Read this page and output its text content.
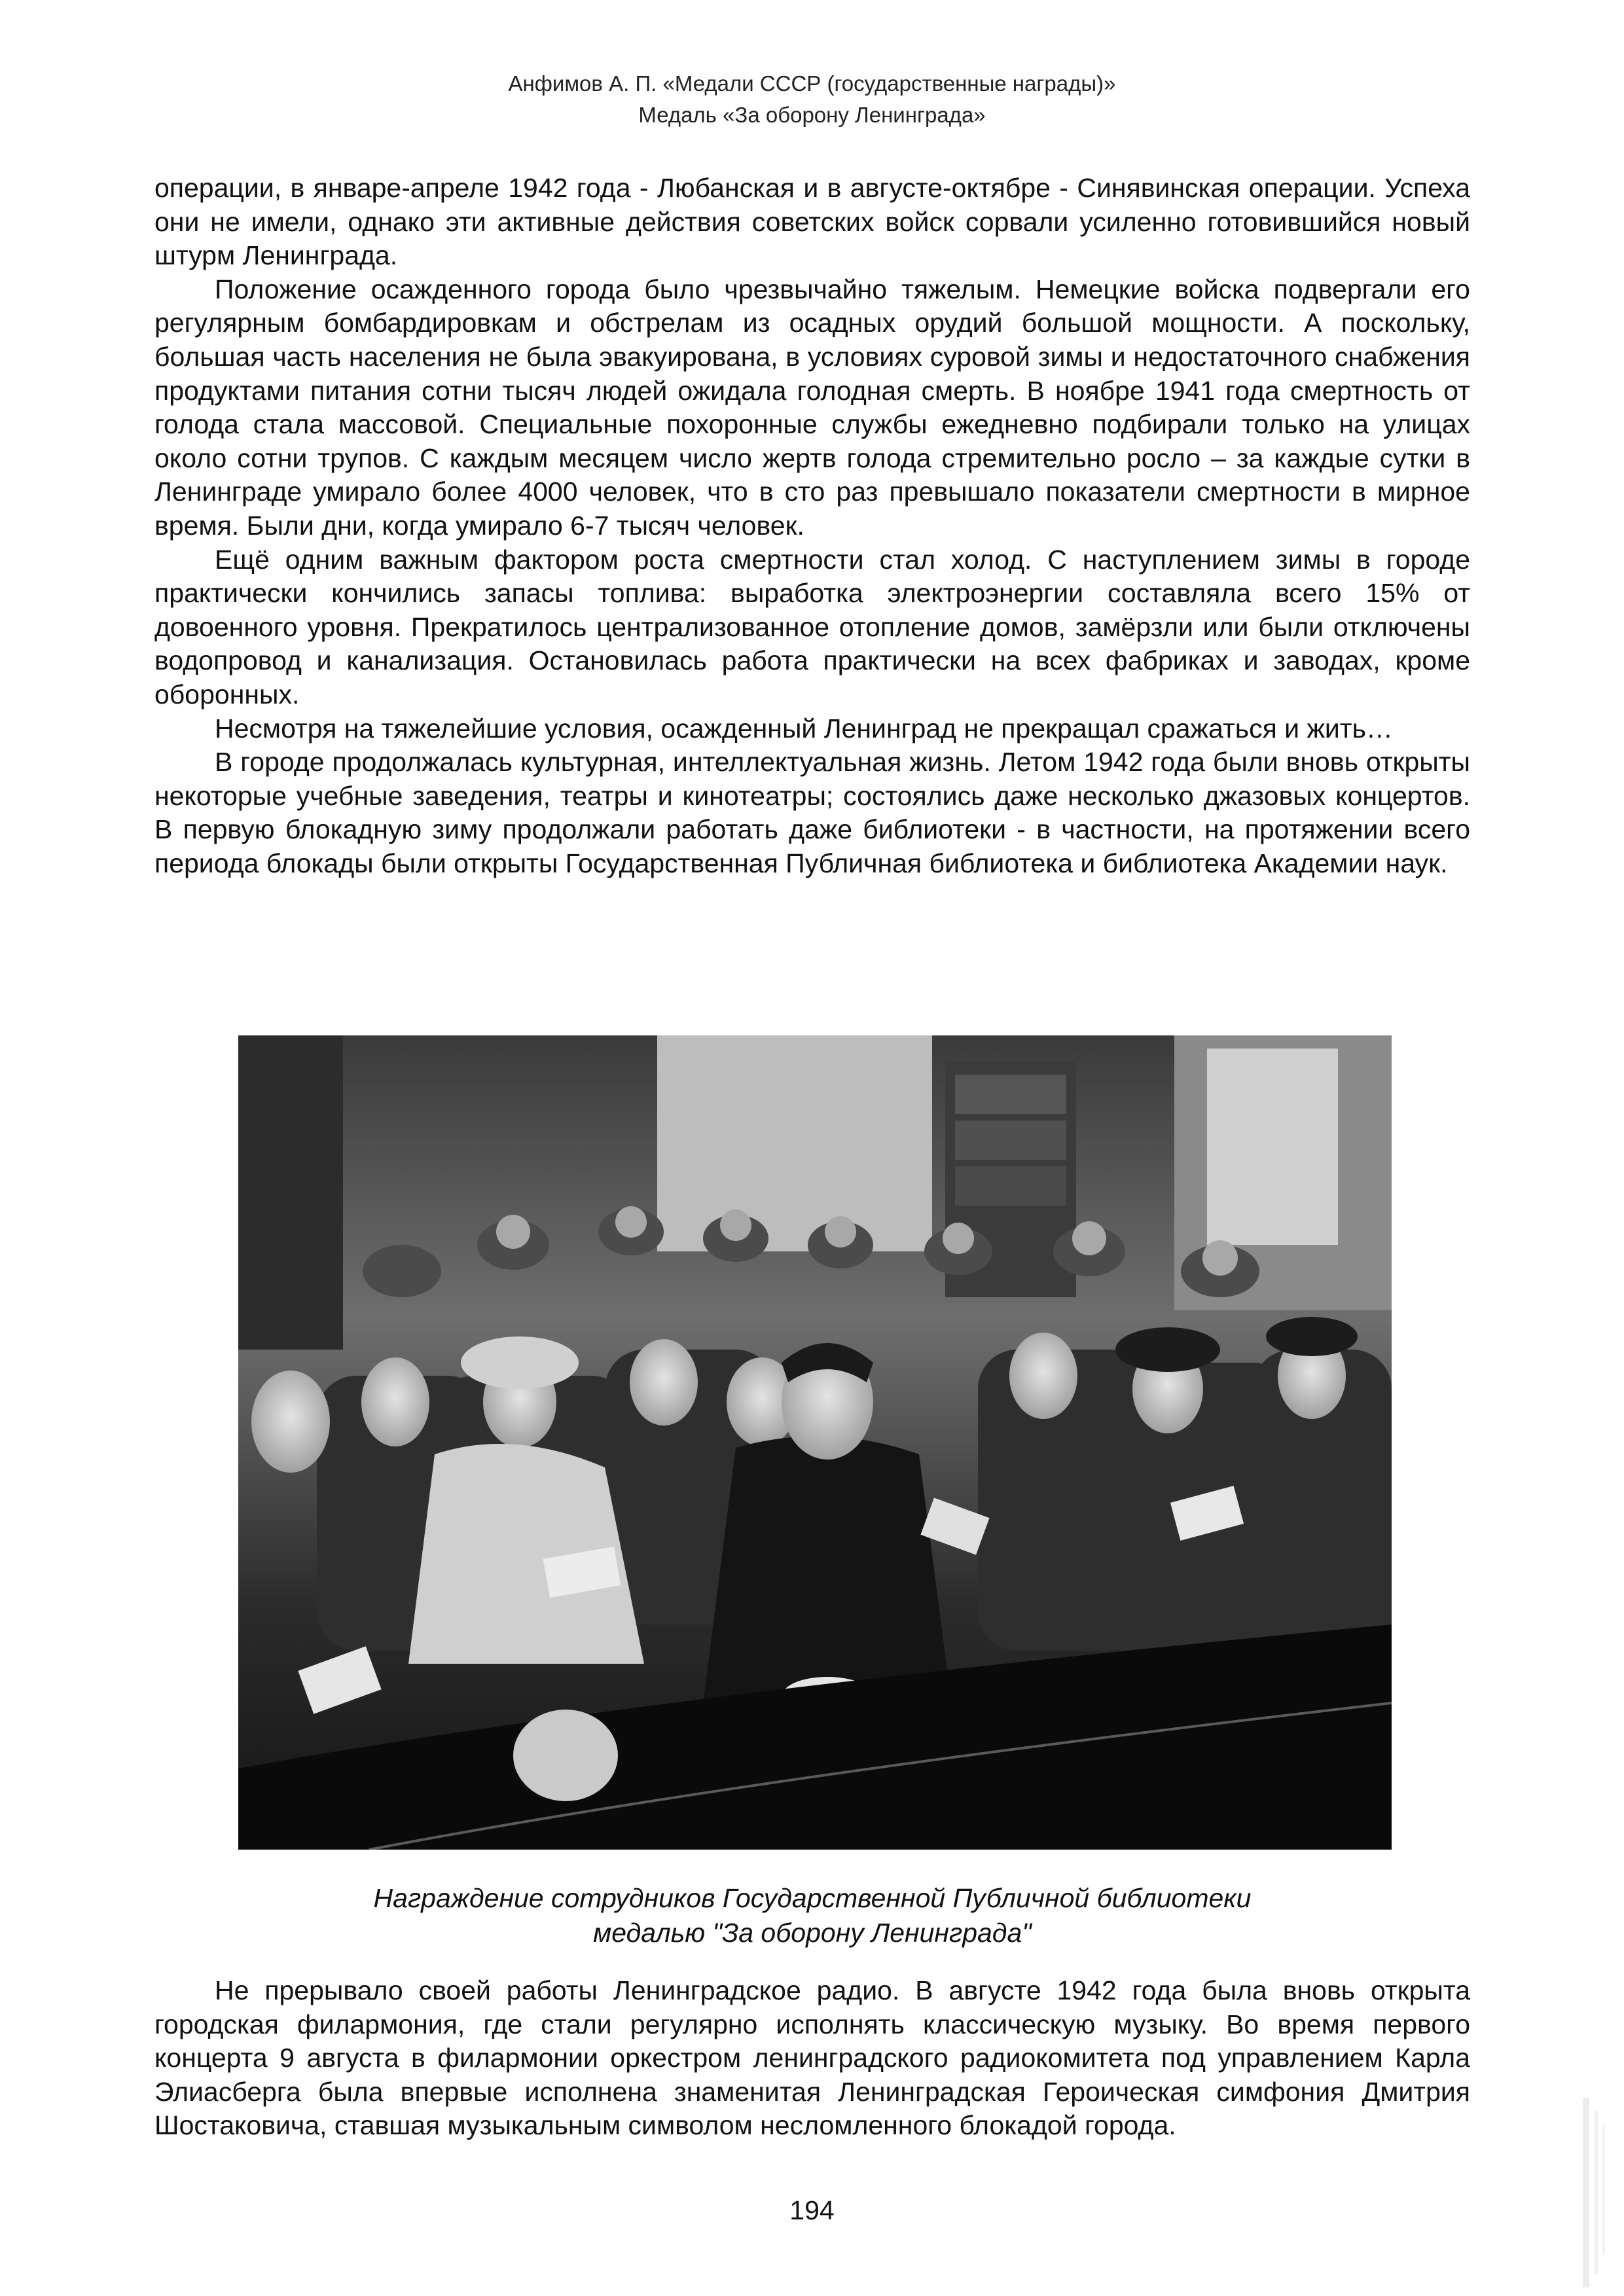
Анфимов А. П. «Медали СССР (государственные награды)»
Медаль «За оборону Ленинграда»

операции, в январе-апреле 1942 года - Любанская и в августе-октябре - Синявинская операции. Успеха они не имели, однако эти активные действия советских войск сорвали усиленно готовившийся новый штурм Ленинграда.

Положение осажденного города было чрезвычайно тяжелым. Немецкие войска подвергали его регулярным бомбардировкам и обстрелам из осадных орудий большой мощности. А поскольку, большая часть населения не была эвакуирована, в условиях суровой зимы и недостаточного снабжения продуктами питания сотни тысяч людей ожидала голодная смерть. В ноябре 1941 года смертность от голода стала массовой. Специальные похоронные службы ежедневно подбирали только на улицах около сотни трупов. С каждым месяцем число жертв голода стремительно росло – за каждые сутки в Ленинграде умирало более 4000 человек, что в сто раз превышало показатели смертности в мирное время. Были дни, когда умирало 6-7 тысяч человек.

Ещё одним важным фактором роста смертности стал холод. С наступлением зимы в городе практически кончились запасы топлива: выработка электроэнергии составляла всего 15% от довоенного уровня. Прекратилось централизованное отопление домов, замёрзли или были отключены водопровод и канализация. Остановилась работа практически на всех фабриках и заводах, кроме оборонных.

Несмотря на тяжелейшие условия, осажденный Ленинград не прекращал сражаться и жить…

В городе продолжалась культурная, интеллектуальная жизнь. Летом 1942 года были вновь открыты некоторые учебные заведения, театры и кинотеатры; состоялись даже несколько джазовых концертов. В первую блокадную зиму продолжали работать даже библиотеки - в частности, на протяжении всего периода блокады были открыты Государственная Публичная библиотека и библиотека Академии наук.

Награждение сотрудников Государственной Публичной библиотеки
медалью "За оборону Ленинграда"

Не прерывало своей работы Ленинградское радио. В августе 1942 года была вновь открыта городская филармония, где стали регулярно исполнять классическую музыку. Во время первого концерта 9 августа в филармонии оркестром ленинградского радиокомитета под управлением Карла Элиасберга была впервые исполнена знаменитая Ленинградская Героическая симфония Дмитрия Шостаковича, ставшая музыкальным символом несломленного блокадой города.

194
